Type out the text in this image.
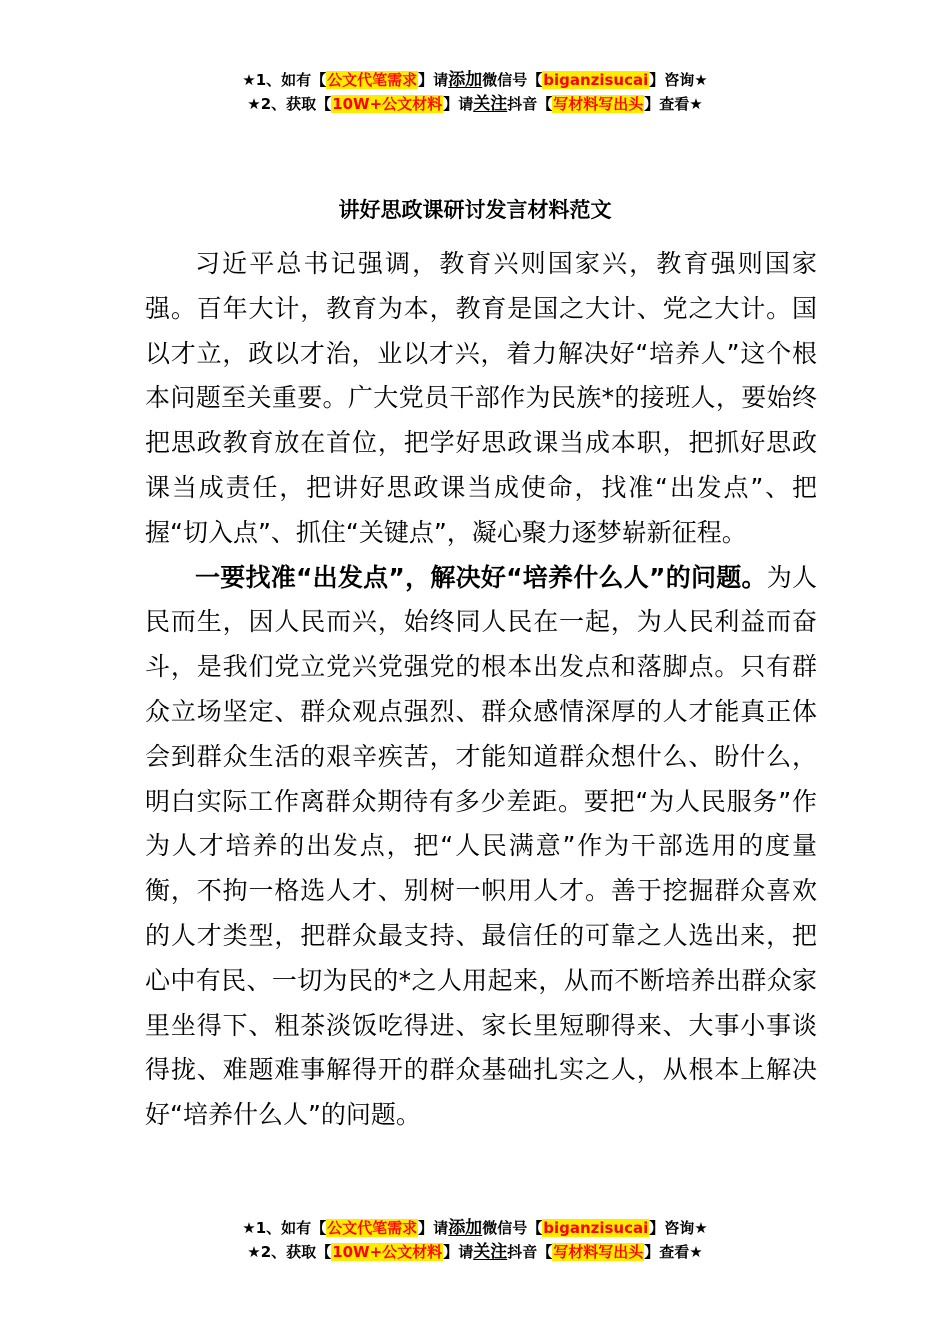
★1、如有【公文代笔需求】请添加微信号【biganzisucai】咨询★
★2、获取【10W+公文材料】请关注抖音【写材料写出头】查看★
讲好思政课研讨发言材料范文

习近平总书记强调，教育兴则国家兴，教育强则国家强。百年大计，教育为本，教育是国之大计、党之大计。国以才立，政以才治，业以才兴，着力解决好“培养人”这个根本问题至关重要。广大党员干部作为民族*的接班人，要始终把思政教育放在首位，把学好思政课当成本职，把抓好思政课当成责任，把讲好思政课当成使命，找准“出发点”、把握“切入点”、抓住“关键点”，凝心聚力逐梦崭新征程。

一要找准“出发点”，解决好“培养什么人”的问题。为人民而生，因人民而兴，始终同人民在一起，为人民利益而奋斗，是我们党立党兴党强党的根本出发点和落脚点。只有群众立场坚定、群众观点强烈、群众感情深厚的人才能真正体会到群众生活的艰辛疾苦，才能知道群众想什么、盼什么，明白实际工作离群众期待有多少差距。要把“为人民服务”作为人才培养的出发点，把“人民满意”作为干部选用的度量衡，不拘一格选人才、别树一帜用人才。善于挖掘群众喜欢的人才类型，把群众最支持、最信任的可靠之人选出来，把心中有民、一切为民的*之人用起来，从而不断培养出群众家里坐得下、粗茶淡饭吃得进、家长里短聊得来、大事小事谈得拢、难题难事解得开的群众基础扎实之人，从根本上解决好“培养什么人”的问题。

★1、如有【公文代笔需求】请添加微信号【biganzisucai】咨询★
★2、获取【10W+公文材料】请关注抖音【写材料写出头】查看★
